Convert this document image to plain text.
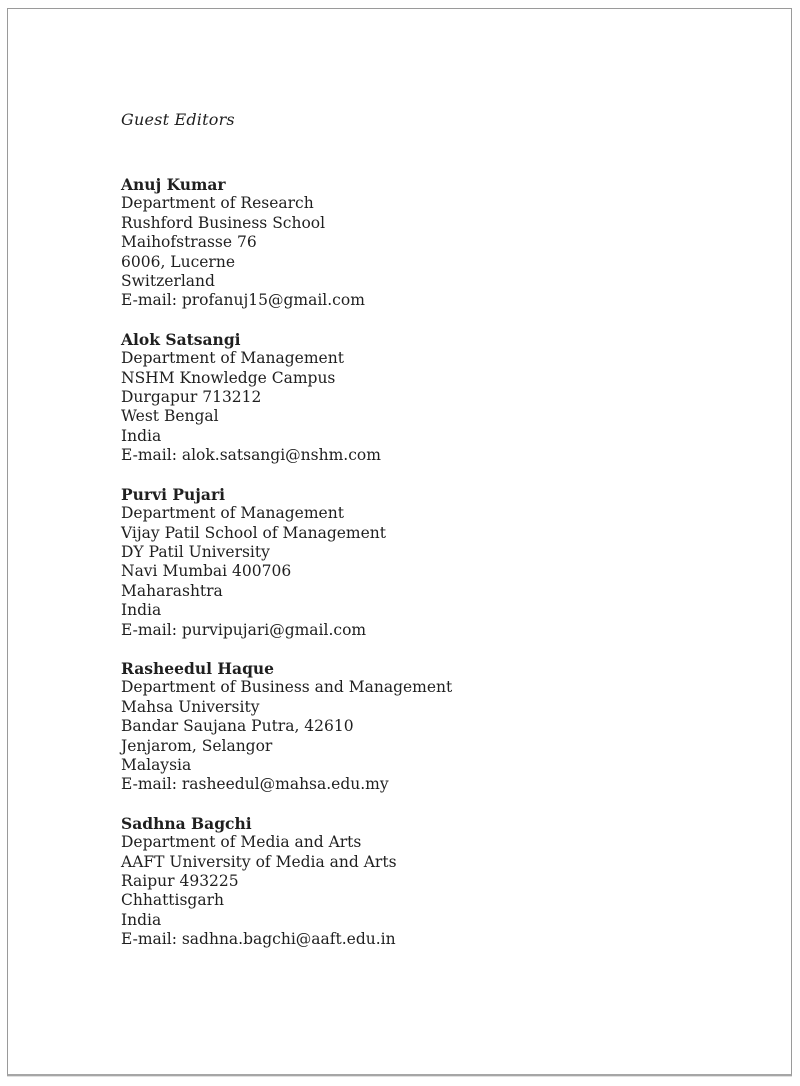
Guest Editors
Anuj Kumar
Department of Research
Rushford Business School
Maihofstrasse 76
6006, Lucerne
Switzerland
E-mail: profanuj15@gmail.com
Alok Satsangi
Department of Management
NSHM Knowledge Campus
Durgapur 713212
West Bengal
India
E-mail: alok.satsangi@nshm.com
Purvi Pujari
Department of Management
Vijay Patil School of Management
DY Patil University
Navi Mumbai 400706
Maharashtra
India
E-mail: purvipujari@gmail.com
Rasheedul Haque
Department of Business and Management
Mahsa University
Bandar Saujana Putra, 42610
Jenjarom, Selangor
Malaysia
E-mail: rasheedul@mahsa.edu.my
Sadhna Bagchi
Department of Media and Arts
AAFT University of Media and Arts
Raipur 493225
Chhattisgarh
India
E-mail: sadhna.bagchi@aaft.edu.in
